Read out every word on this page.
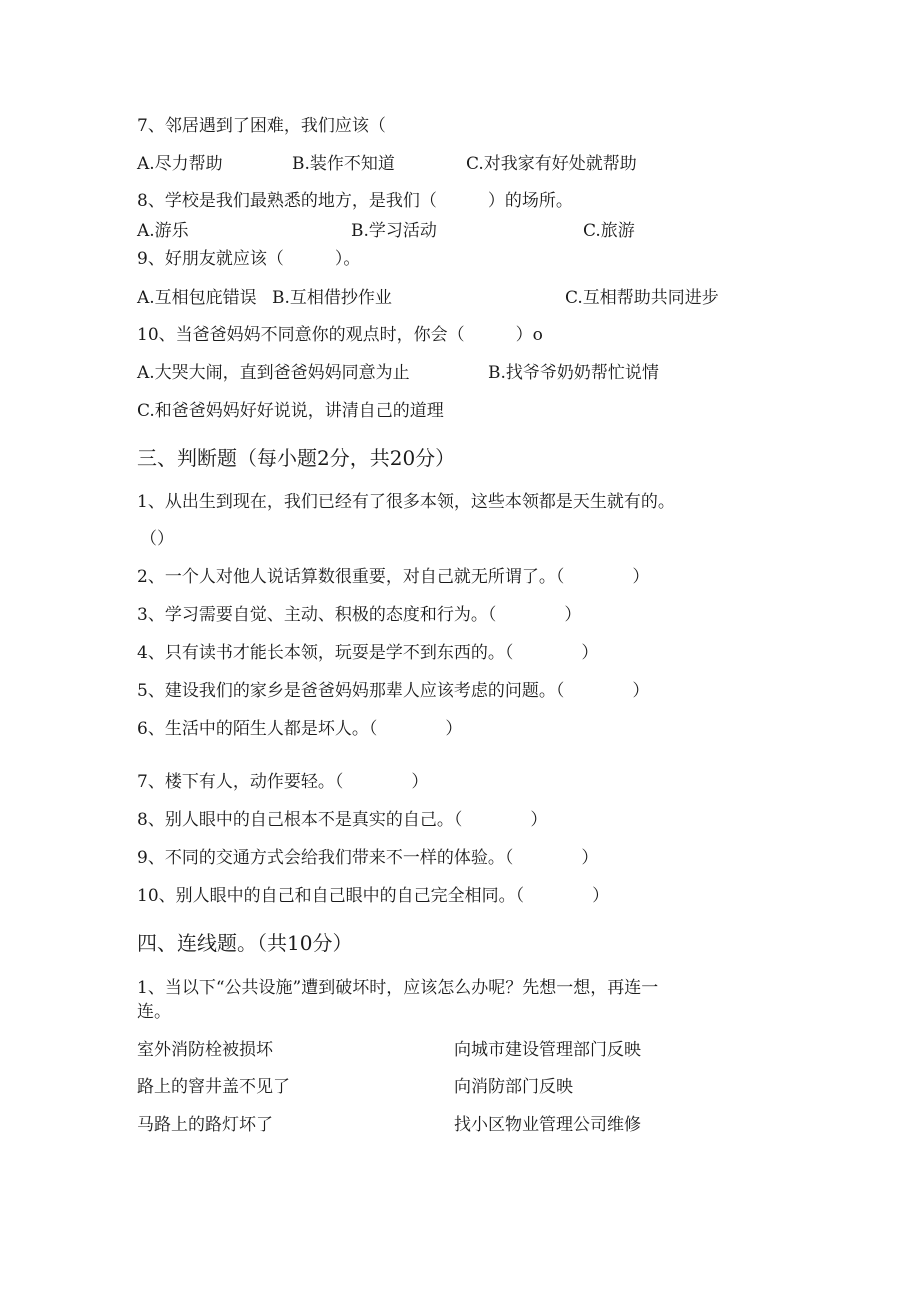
7、邻居遇到了困难，我们应该（
A.尽力帮助	B.装作不知道	C.对我家有好处就帮助
8、学校是我们最熟悉的地方，是我们（　　　）的场所。
A.游乐	B.学习活动	C.旅游
9、好朋友就应该（　　　）。
A.互相包庇错误 B.互相借抄作业	C.互相帮助共同进步
10、当爸爸妈妈不同意你的观点时，你会（　　　）o
A.大哭大闹，直到爸爸妈妈同意为止	B.找爷爷奶奶帮忙说情
C.和爸爸妈妈好好说说，讲清自己的道理
三、判断题（每小题2分，共20分）
1、从出生到现在，我们已经有了很多本领，这些本领都是天生就有的。
（）
2、一个人对他人说话算数很重要，对自己就无所谓了。（　　　　）
3、学习需要自觉、主动、积极的态度和行为。（　　　　）
4、只有读书才能长本领，玩耍是学不到东西的。（　　　　）
5、建设我们的家乡是爸爸妈妈那辈人应该考虑的问题。（　　　　）
6、生活中的陌生人都是坏人。（　　　　）
7、楼下有人，动作要轻。（　　　　）
8、别人眼中的自己根本不是真实的自己。（　　　　）
9、不同的交通方式会给我们带来不一样的体验。（　　　　）
10、别人眼中的自己和自己眼中的自己完全相同。（　　　　）
四、连线题。（共10分）
1、当以下“公共设施”遭到破坏时，应该怎么办呢？先想一想，再连一
连。
室外消防栓被损坏	向城市建设管理部门反映
路上的窨井盖不见了	向消防部门反映
马路上的路灯坏了	找小区物业管理公司维修
